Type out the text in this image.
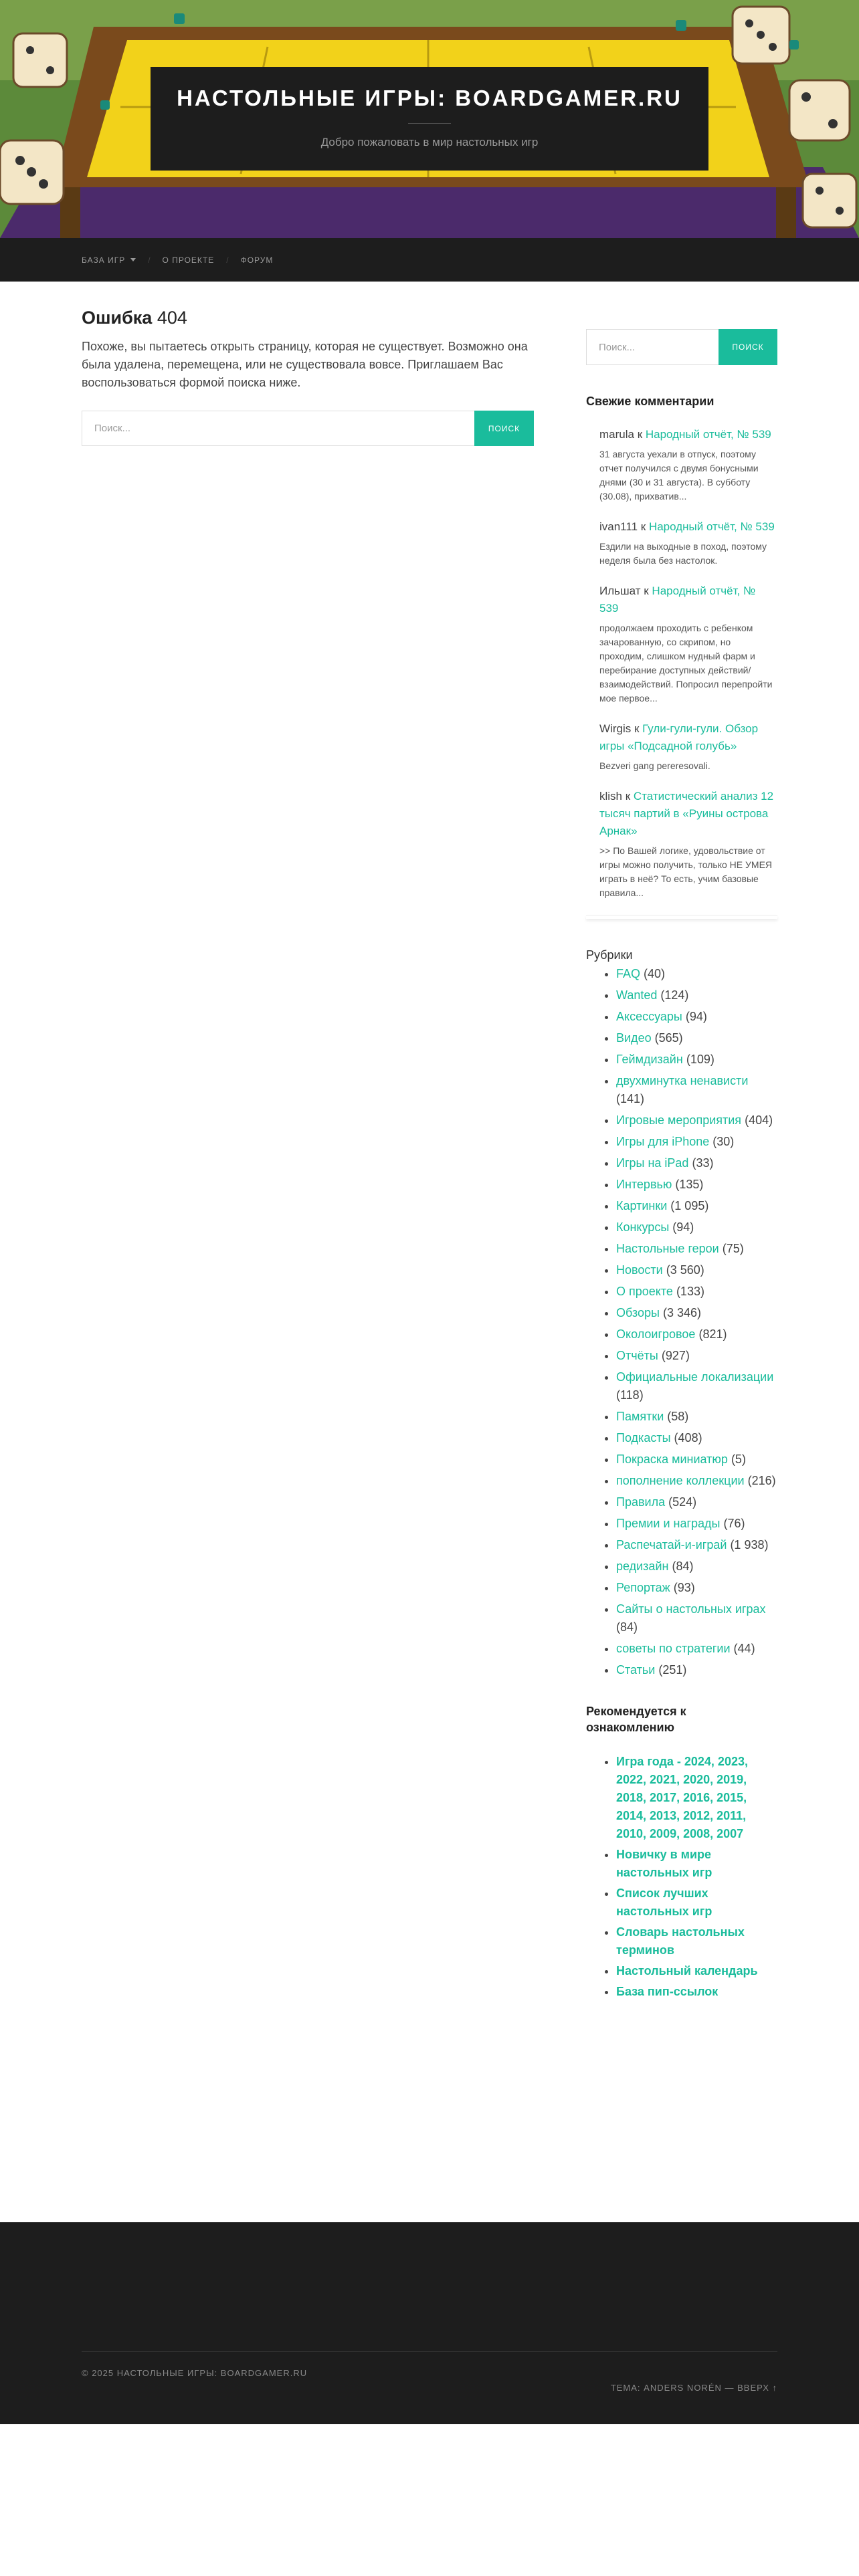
НАСТОЛЬНЫЕ ИГРЫ: BOARDGAMER.RU
Добро пожаловать в мир настольных игр
БАЗА ИГР	/ О ПРОЕКТЕ / ФОРУМ
Ошибка 404

Похоже, вы пытаетесь открыть страницу, которая не существует. Возможно она была удалена, перемещена, или не существовала вовсе. Приглашаем Вас воспользоваться формой поиска ниже.

Поиск...	ПОИСК
Поиск...	ПОИСК
Свежие комментарии
marula к Народный отчёт, № 539
31 августа уехали в отпуск, поэтому отчет получился с двумя бонусными днями (30 и 31 августа). В субботу (30.08), прихватив...
ivan111 к Народный отчёт, № 539
Ездили на выходные в поход, поэтому неделя была без настолок.
Ильшат к Народный отчёт, № 539
продолжаем проходить с ребенком зачарованную, со скрипом, но проходим, слишком нудный фарм и перебирание доступных действий/взаимодействий. Попросил перепройти мое первое...
Wirgis к Гули-гули-гули. Обзор игры «Подсадной голубь»
Bezveri gang pereresovali.
klish к Статистический анализ 12 тысяч партий в «Руины острова Арнак»
>> По Вашей логике, удовольствие от игры можно получить, только НЕ УМЕЯ играть в неё? То есть, учим базовые правила...
Рубрики
• FAQ (40)
• Wanted (124)
• Аксессуары (94)
• Видео (565)
• Геймдизайн (109)
• двухминутка ненависти (141)
• Игровые мероприятия (404)
• Игры для iPhone (30)
• Игры на iPad (33)
• Интервью (135)
• Картинки (1 095)
• Конкурсы (94)
• Настольные герои (75)
• Новости (3 560)
• О проекте (133)
• Обзоры (3 346)
• Околоигровое (821)
• Отчёты (927)
• Официальные локализации (118)
• Памятки (58)
• Подкасты (408)
• Покраска миниатюр (5)
• пополнение коллекции (216)
• Правила (524)
• Премии и награды (76)
• Распечатай-и-играй (1 938)
• редизайн (84)
• Репортаж (93)
• Сайты о настольных играх (84)
• советы по стратегии (44)
• Статьи (251)
Рекомендуется к ознакомлению
• Игра года - 2024, 2023, 2022, 2021, 2020, 2019, 2018, 2017, 2016, 2015, 2014, 2013, 2012, 2011, 2010, 2009, 2008, 2007
• Новичку в мире настольных игр
• Список лучших настольных игр
• Словарь настольных терминов
• Настольный календарь
• База пип-ссылок
© 2025 НАСТОЛЬНЫЕ ИГРЫ: BOARDGAMER.RU
ТЕМА: ANDERS NORÉN — ВВЕРХ ↑
